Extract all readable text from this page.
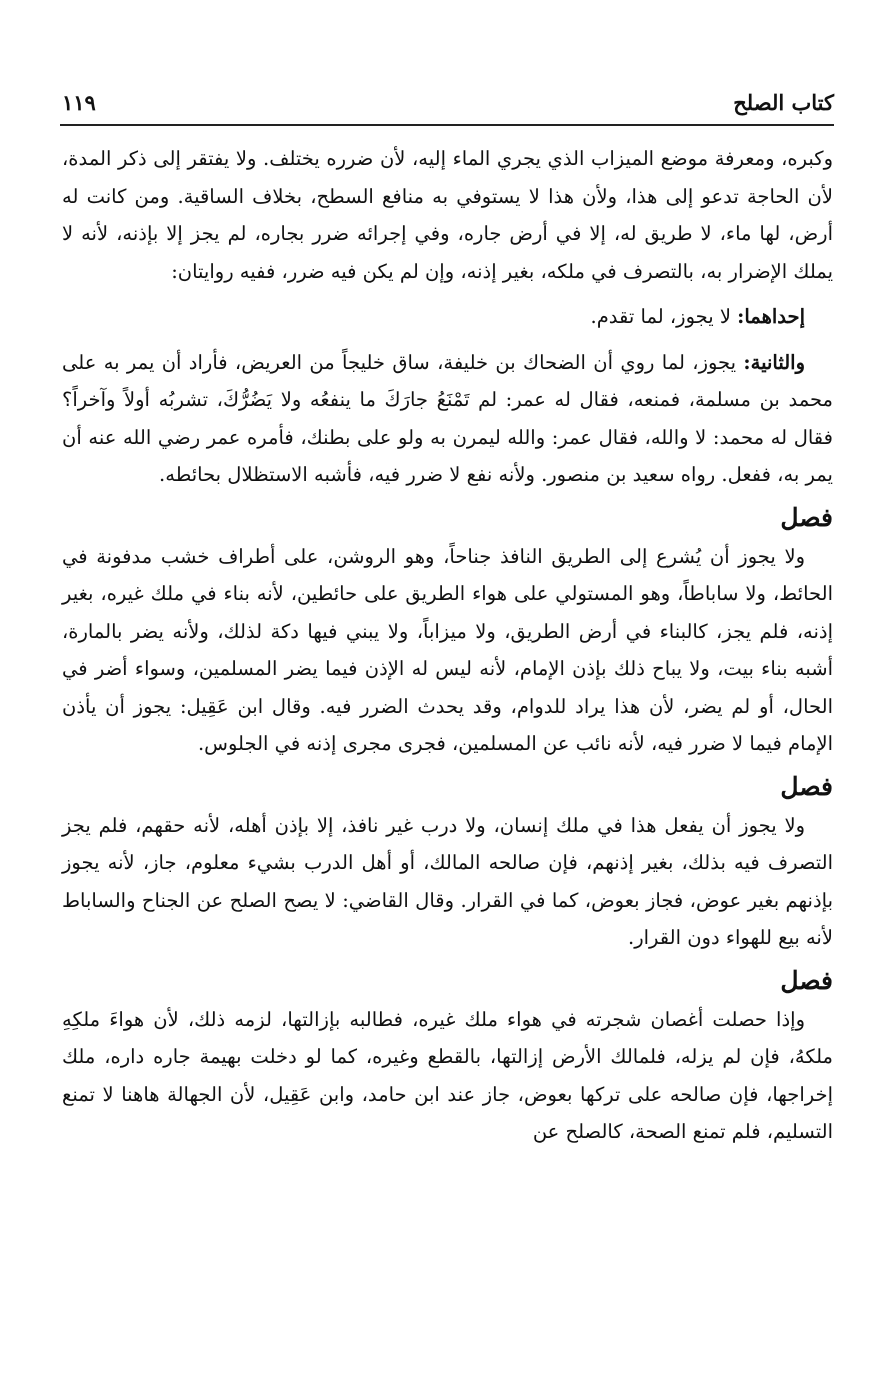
كتاب الصلح
١١٩

وكبره، ومعرفة موضع الميزاب الذي يجري الماء إليه، لأن ضرره يختلف. ولا يفتقر إلى ذكر المدة، لأن الحاجة تدعو إلى هذا، ولأن هذا لا يستوفي به منافع السطح، بخلاف الساقية. ومن كانت له أرض، لها ماء، لا طريق له، إلا في أرض جاره، وفي إجرائه ضرر بجاره، لم يجز إلا بإذنه، لأنه لا يملك الإضرار به، بالتصرف في ملكه، بغير إذنه، وإن لم يكن فيه ضرر، ففيه روايتان:

إحداهما: لا يجوز، لما تقدم.

والثانية: يجوز، لما روي أن الضحاك بن خليفة، ساق خليجاً من العريض، فأراد أن يمر به على محمد بن مسلمة، فمنعه، فقال له عمر: لم تَمْنَعُ جارَكَ ما ينفعُه ولا يَضُرُّكَ، تشربُه أولاً وآخراً؟ فقال له محمد: لا والله، فقال عمر: والله ليمرن به ولو على بطنك، فأمره عمر رضي الله عنه أن يمر به، ففعل. رواه سعيد بن منصور. ولأنه نفع لا ضرر فيه، فأشبه الاستظلال بحائطه.

فصل

ولا يجوز أن يُشرع إلى الطريق النافذ جناحاً، وهو الروشن، على أطراف خشب مدفونة في الحائط، ولا ساباطاً، وهو المستولي على هواء الطريق على حائطين، لأنه بناء في ملك غيره، بغير إذنه، فلم يجز، كالبناء في أرض الطريق، ولا ميزاباً، ولا يبني فيها دكة لذلك، ولأنه يضر بالمارة، أشبه بناء بيت، ولا يباح ذلك بإذن الإمام، لأنه ليس له الإذن فيما يضر المسلمين، وسواء أضر في الحال، أو لم يضر، لأن هذا يراد للدوام، وقد يحدث الضرر فيه. وقال ابن عَقِيل: يجوز أن يأذن الإمام فيما لا ضرر فيه، لأنه نائب عن المسلمين، فجرى مجرى إذنه في الجلوس.

فصل

ولا يجوز أن يفعل هذا في ملك إنسان، ولا درب غير نافذ، إلا بإذن أهله، لأنه حقهم، فلم يجز التصرف فيه بذلك، بغير إذنهم، فإن صالحه المالك، أو أهل الدرب بشيء معلوم، جاز، لأنه يجوز بإذنهم بغير عوض، فجاز بعوض، كما في القرار. وقال القاضي: لا يصح الصلح عن الجناح والساباط لأنه بيع للهواء دون القرار.

فصل

وإذا حصلت أغصان شجرته في هواء ملك غيره، فطالبه بإزالتها، لزمه ذلك، لأن هواءَ ملكِهِ ملكهُ، فإن لم يزله، فلمالك الأرض إزالتها، بالقطع وغيره، كما لو دخلت بهيمة جاره داره، ملك إخراجها، فإن صالحه على تركها بعوض، جاز عند ابن حامد، وابن عَقِيل، لأن الجهالة هاهنا لا تمنع التسليم، فلم تمنع الصحة، كالصلح عن
